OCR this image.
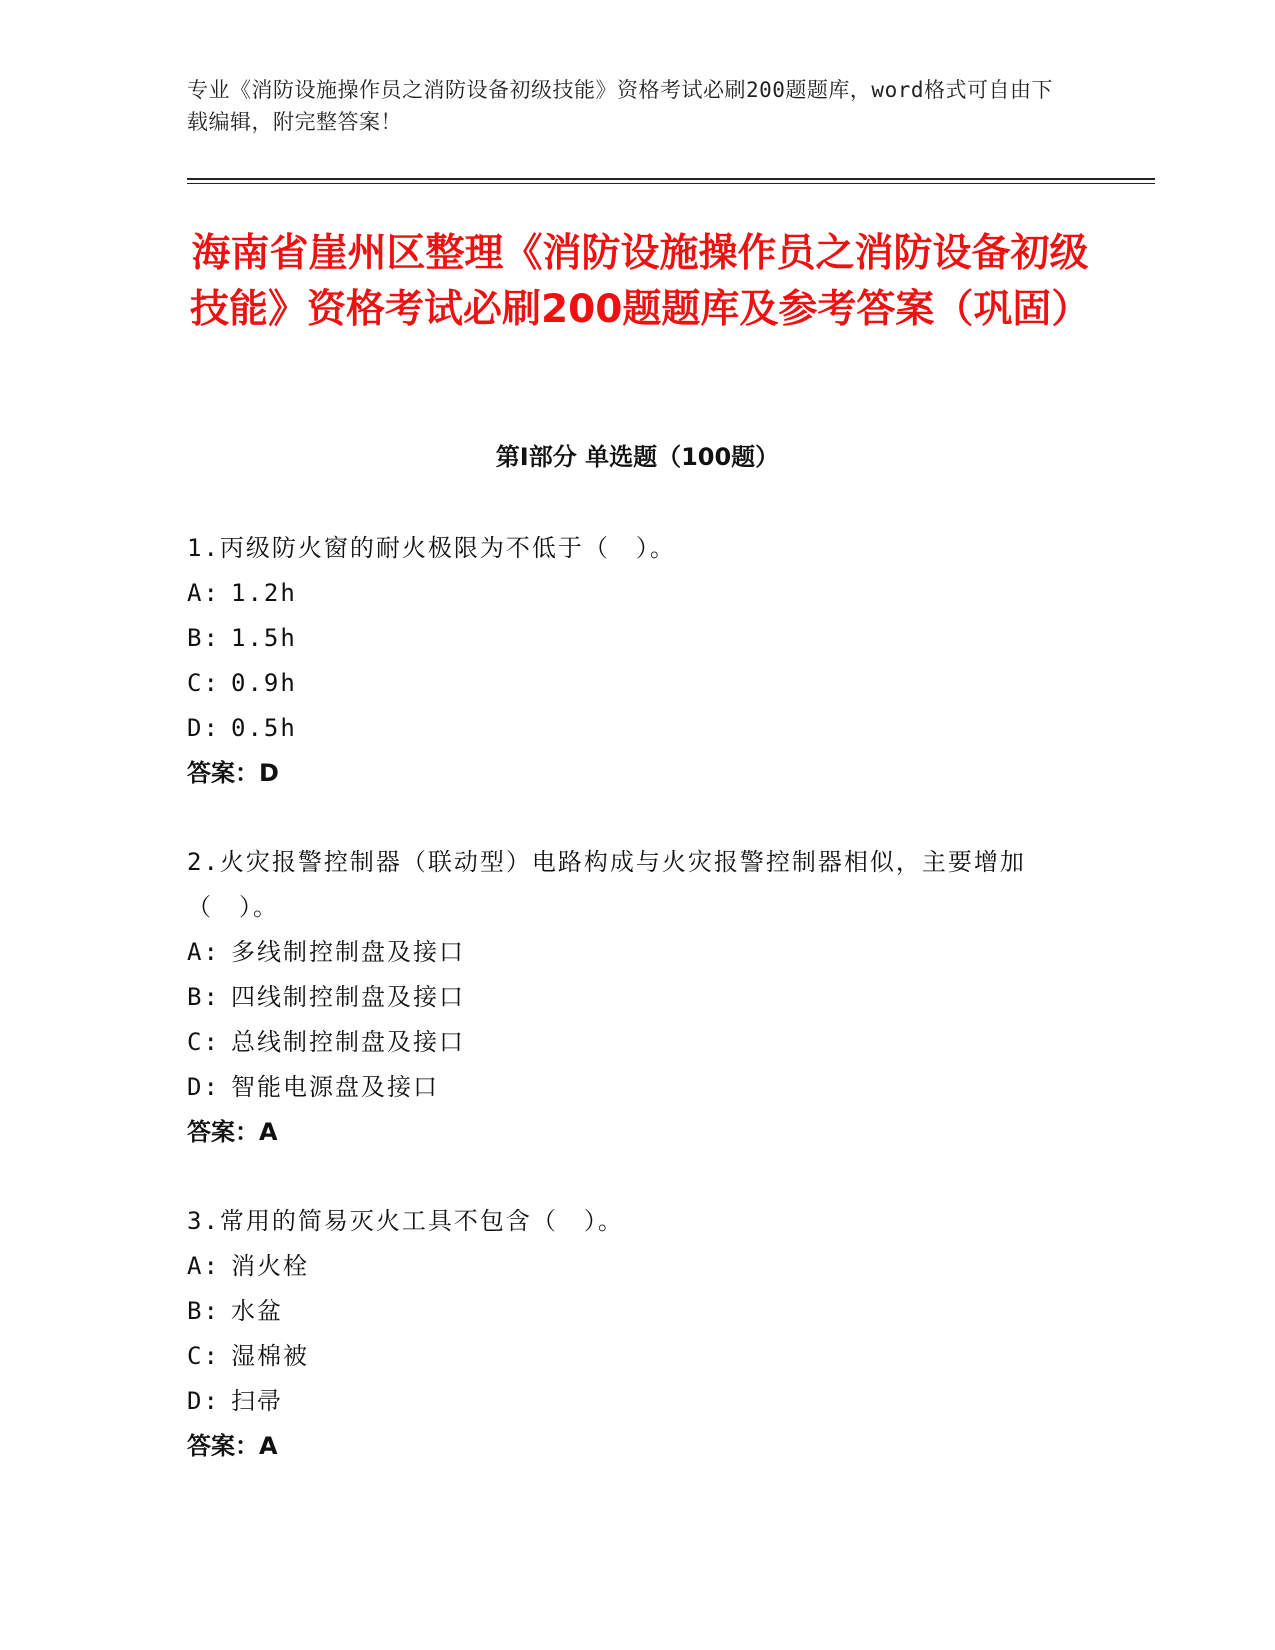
专业《消防设施操作员之消防设备初级技能》资格考试必刷200题题库，word格式可自由下载编辑，附完整答案！
海南省崖州区整理《消防设施操作员之消防设备初级技能》资格考试必刷200题题库及参考答案（巩固）
第I部分 单选题（100题）
1.丙级防火窗的耐火极限为不低于（　）。
A: 1.2h
B: 1.5h
C: 0.9h
D: 0.5h
答案：D
2.火灾报警控制器（联动型）电路构成与火灾报警控制器相似，主要增加（　）。
A: 多线制控制盘及接口
B: 四线制控制盘及接口
C: 总线制控制盘及接口
D: 智能电源盘及接口
答案：A
3.常用的简易灭火工具不包含（　）。
A: 消火栓
B: 水盆
C: 湿棉被
D: 扫帚
答案：A
